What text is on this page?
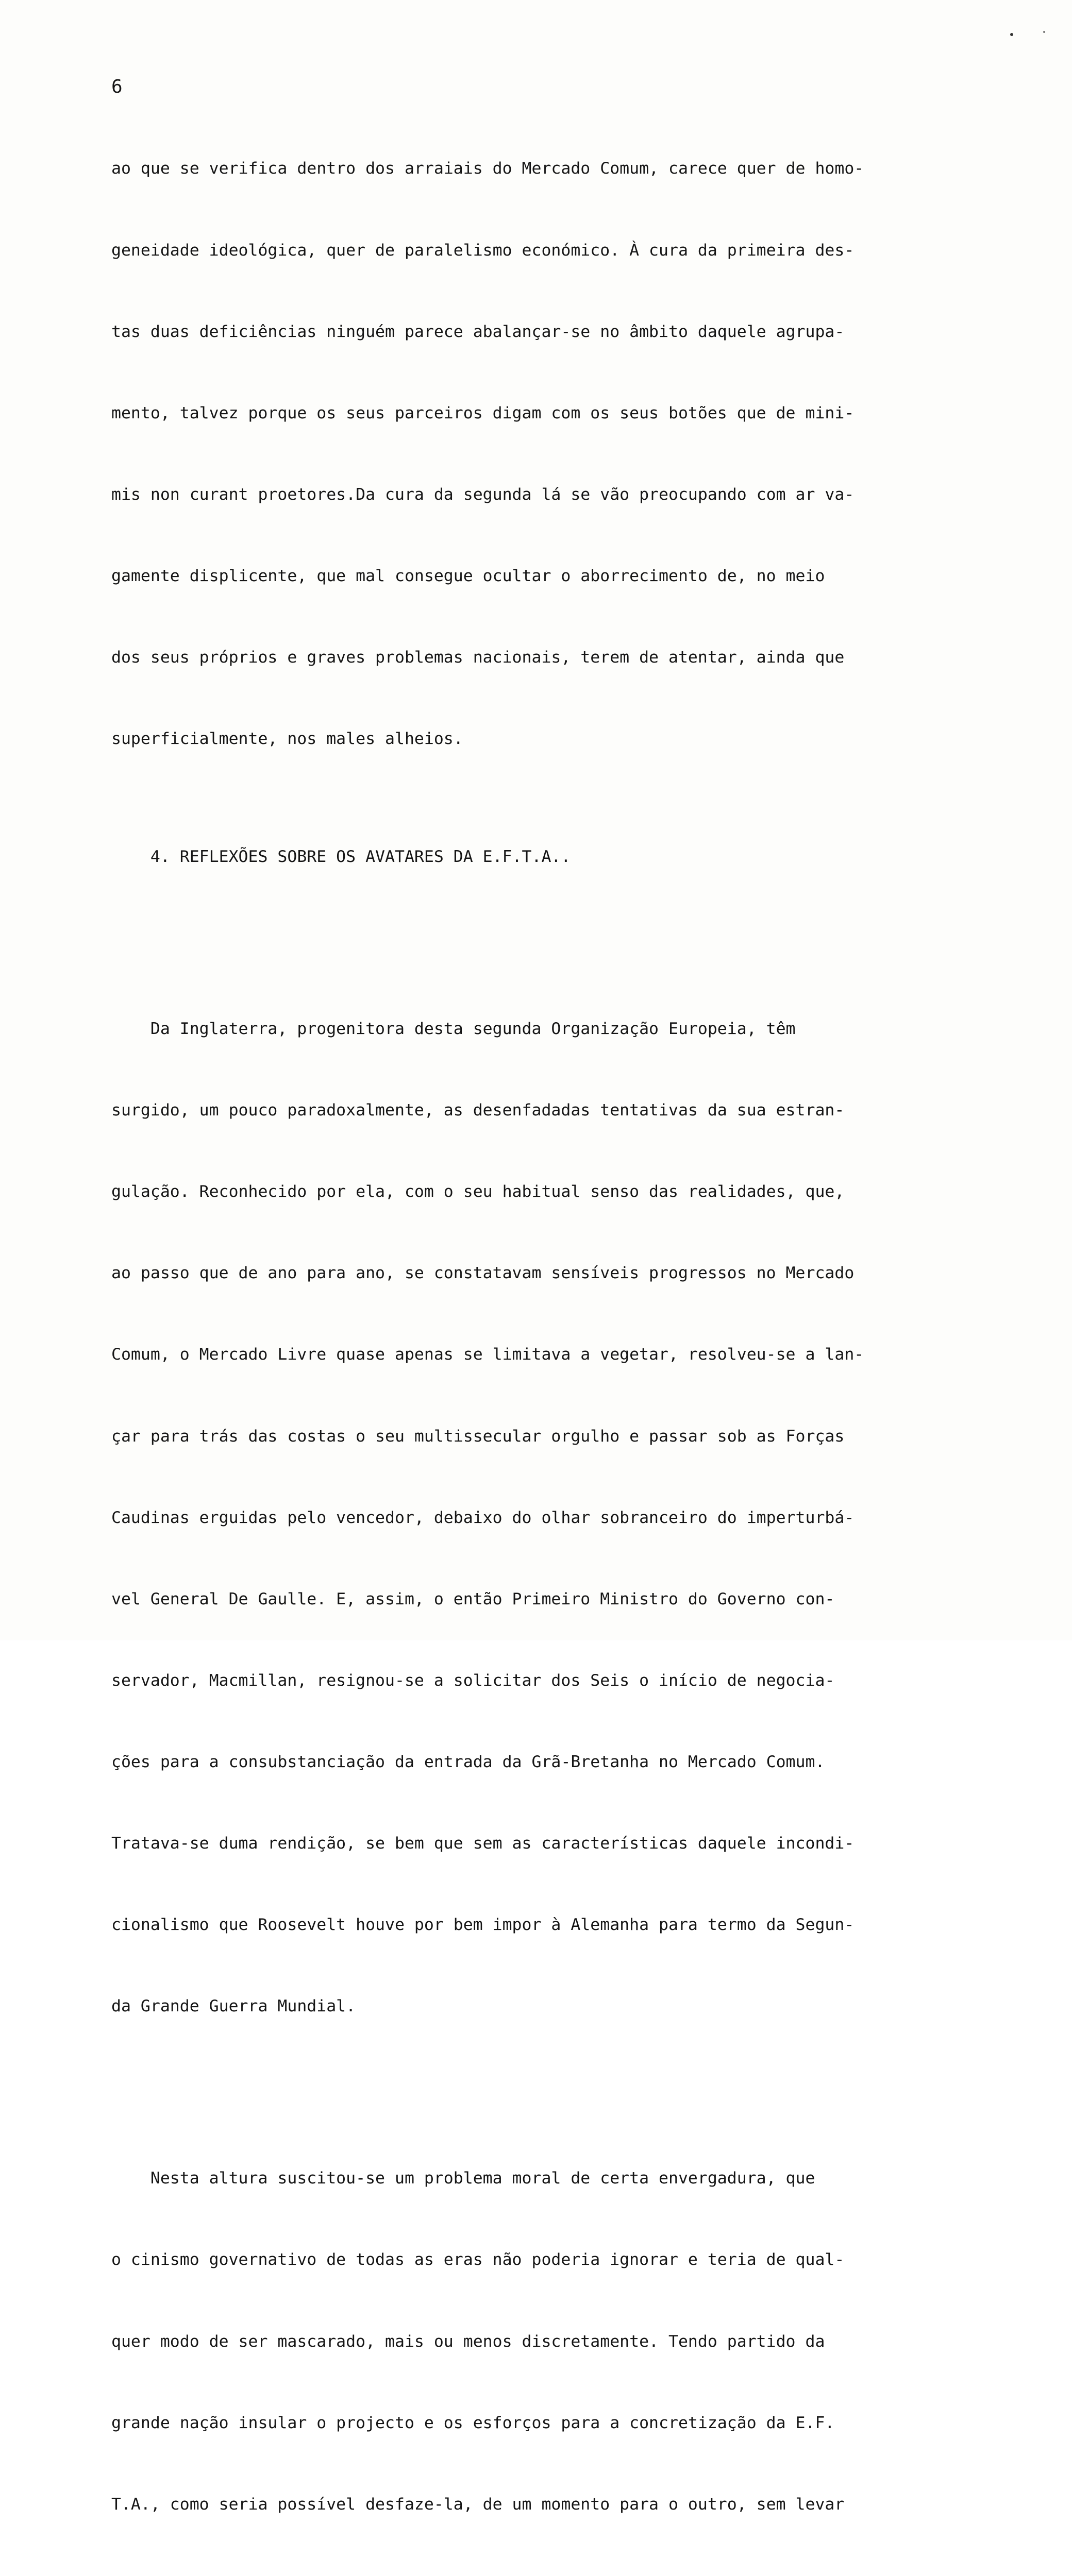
6

ao que se verifica dentro dos arraiais do Mercado Comum, carece quer de homo-

geneidade ideológica, quer de paralelismo económico. À cura da primeira des-

tas duas deficiências ninguém parece abalançar-se no âmbito daquele agrupa-

mento, talvez porque os seus parceiros digam com os seus botões que de mini-

mis non curant proetores.Da cura da segunda lá se vão preocupando com ar va-

gamente displicente, que mal consegue ocultar o aborrecimento de, no meio

dos seus próprios e graves problemas nacionais, terem de atentar, ainda que

superficialmente, nos males alheios.

4. REFLEXÕES SOBRE OS AVATARES DA E.F.T.A..

Da Inglaterra, progenitora desta segunda Organização Europeia, têm

surgido, um pouco paradoxalmente, as desenfadadas tentativas da sua estran-

gulação. Reconhecido por ela, com o seu habitual senso das realidades, que,

ao passo que de ano para ano, se constatavam sensíveis progressos no Mercado

Comum, o Mercado Livre quase apenas se limitava a vegetar, resolveu-se a lan-

çar para trás das costas o seu multissecular orgulho e passar sob as Forças

Caudinas erguidas pelo vencedor, debaixo do olhar sobranceiro do imperturbá-

vel General De Gaulle. E, assim, o então Primeiro Ministro do Governo con-

servador, Macmillan, resignou-se a solicitar dos Seis o início de negocia-

ções para a consubstanciação da entrada da Grã-Bretanha no Mercado Comum.

Tratava-se duma rendição, se bem que sem as características daquele incondi-

cionalismo que Roosevelt houve por bem impor à Alemanha para termo da Segun-

da Grande Guerra Mundial.

Nesta altura suscitou-se um problema moral de certa envergadura, que

o cinismo governativo de todas as eras não poderia ignorar e teria de qual-

quer modo de ser mascarado, mais ou menos discretamente. Tendo partido da

grande nação insular o projecto e os esforços para a concretização da E.F.

T.A., como seria possível desfaze-la, de um momento para o outro, sem levar
